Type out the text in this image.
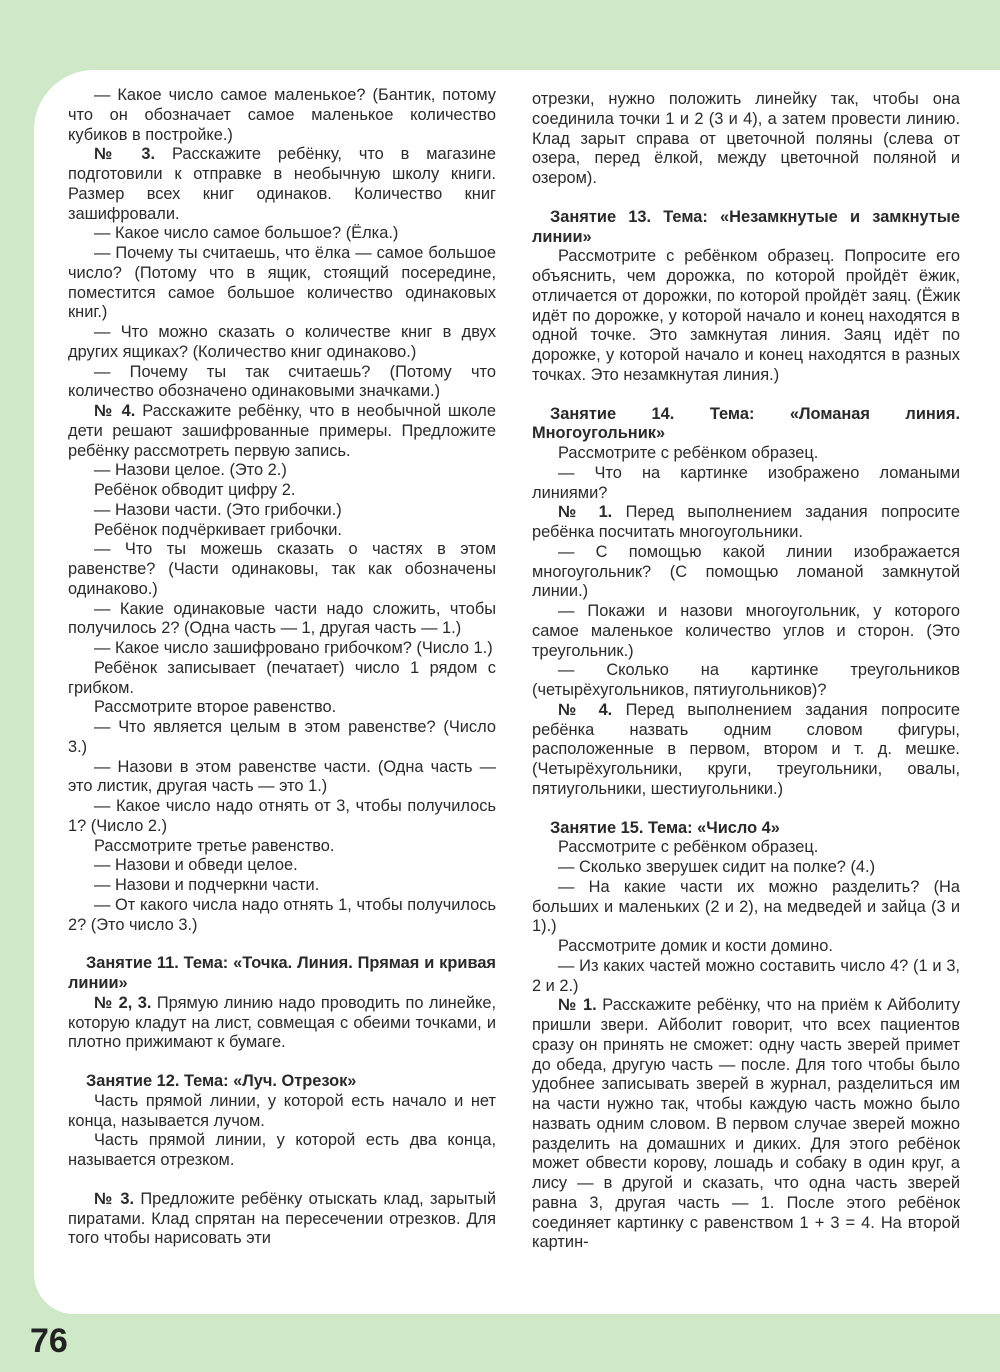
— Какое число самое маленькое? (Бантик, потому что он обозначает самое маленькое количество кубиков в постройке.)

№ 3. Расскажите ребёнку, что в магазине подготовили к отправке в необычную школу книги. Размер всех книг одинаков. Количество книг зашифровали.

— Какое число самое большое? (Ёлка.)

— Почему ты считаешь, что ёлка — самое большое число? (Потому что в ящик, стоящий посередине, поместится самое большое количество одинаковых книг.)

— Что можно сказать о количестве книг в двух других ящиках? (Количество книг одинаково.)

— Почему ты так считаешь? (Потому что количество обозначено одинаковыми значками.)

№ 4. Расскажите ребёнку, что в необычной школе дети решают зашифрованные примеры. Предложите ребёнку рассмотреть первую запись.

— Назови целое. (Это 2.)

Ребёнок обводит цифру 2.

— Назови части. (Это грибочки.)

Ребёнок подчёркивает грибочки.

— Что ты можешь сказать о частях в этом равенстве? (Части одинаковы, так как обозначены одинаково.)

— Какие одинаковые части надо сложить, чтобы получилось 2? (Одна часть — 1, другая часть — 1.)

— Какое число зашифровано грибочком? (Число 1.)

Ребёнок записывает (печатает) число 1 рядом с грибком.

Рассмотрите второе равенство.

— Что является целым в этом равенстве? (Число 3.)

— Назови в этом равенстве части. (Одна часть — это листик, другая часть — это 1.)

— Какое число надо отнять от 3, чтобы получилось 1? (Число 2.)

Рассмотрите третье равенство.

— Назови и обведи целое.

— Назови и подчеркни части.

— От какого числа надо отнять 1, чтобы получилось 2? (Это число 3.)

Занятие 11. Тема: «Точка. Линия. Прямая и кривая линии»

№ 2, 3. Прямую линию надо проводить по линейке, которую кладут на лист, совмещая с обеими точками, и плотно прижимают к бумаге.

Занятие 12. Тема: «Луч. Отрезок»

Часть прямой линии, у которой есть начало и нет конца, называется лучом.

Часть прямой линии, у которой есть два конца, называется отрезком.

№ 3. Предложите ребёнку отыскать клад, зарытый пиратами. Клад спрятан на пересечении отрезков. Для того чтобы нарисовать эти

отрезки, нужно положить линейку так, чтобы она соединила точки 1 и 2 (3 и 4), а затем провести линию. Клад зарыт справа от цветочной поляны (слева от озера, перед ёлкой, между цветочной поляной и озером).

Занятие 13. Тема: «Незамкнутые и замкнутые линии»

Рассмотрите с ребёнком образец. Попросите его объяснить, чем дорожка, по которой пройдёт ёжик, отличается от дорожки, по которой пройдёт заяц. (Ёжик идёт по дорожке, у которой начало и конец находятся в одной точке. Это замкнутая линия. Заяц идёт по дорожке, у которой начало и конец находятся в разных точках. Это незамкнутая линия.)

Занятие 14. Тема: «Ломаная линия. Многоугольник»

Рассмотрите с ребёнком образец.

— Что на картинке изображено ломаными линиями?

№ 1. Перед выполнением задания попросите ребёнка посчитать многоугольники.

— С помощью какой линии изображается многоугольник? (С помощью ломаной замкнутой линии.)

— Покажи и назови многоугольник, у которого самое маленькое количество углов и сторон. (Это треугольник.)

— Сколько на картинке треугольников (четырёхугольников, пятиугольников)?

№ 4. Перед выполнением задания попросите ребёнка назвать одним словом фигуры, расположенные в первом, втором и т. д. мешке. (Четырёхугольники, круги, треугольники, овалы, пятиугольники, шестиугольники.)

Занятие 15. Тема: «Число 4»

Рассмотрите с ребёнком образец.

— Сколько зверушек сидит на полке? (4.)

— На какие части их можно разделить? (На больших и маленьких (2 и 2), на медведей и зайца (3 и 1).)

Рассмотрите домик и кости домино.

— Из каких частей можно составить число 4? (1 и 3, 2 и 2.)

№ 1. Расскажите ребёнку, что на приём к Айболиту пришли звери. Айболит говорит, что всех пациентов сразу он принять не сможет: одну часть зверей примет до обеда, другую часть — после. Для того чтобы было удобнее записывать зверей в журнал, разделиться им на части нужно так, чтобы каждую часть можно было назвать одним словом. В первом случае зверей можно разделить на домашних и диких. Для этого ребёнок может обвести корову, лошадь и собаку в один круг, а лису — в другой и сказать, что одна часть зверей равна 3, другая часть — 1. После этого ребёнок соединяет картинку с равенством 1 + 3 = 4. На второй картин-

76
